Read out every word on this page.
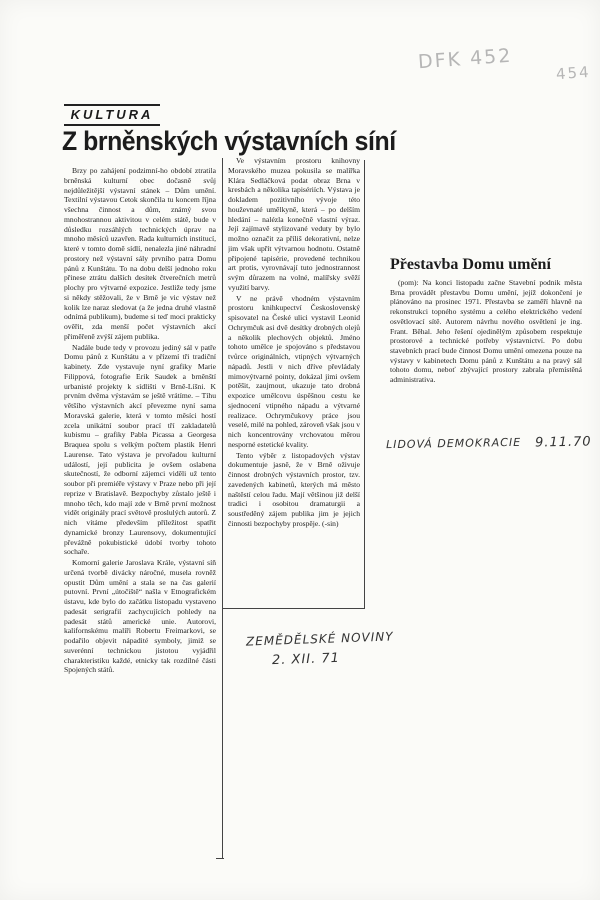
DFK 452	454
KULTURA
Z brněnských výstavních síní

Brzy po zahájení podzimní-ho období ztratila brněnská kulturní obec dočasně svůj nejdůležitější výstavní stánek – Dům umění. Textilní výstavou Cetok skončila tu koncem října všechna činnost a dům, známý svou mnohostrannou aktivitou v celém státě, bude v důsledku rozsáhlých technických úprav na mnoho měsíců uzavřen. Rada kulturních institucí, které v tomto domě sídlí, nenalezla jiné náhradní prostory než výstavní sály prvního patra Domu pánů z Kunštátu. To na dobu delší jednoho roku přinese ztrátu dalších desítek čtverečních metrů plochy pro výtvarné expozice. Jestliže tedy jsme si někdy stěžovali, že v Brně je vic výstav než kolik lze naraz sledovat (a že jedna druhé vlastně odnímá publikum), budeme si teď moci prakticky ověřit, zda menší počet výstavních akcí přiměřeně zvýší zájem publika.

Nadále bude tedy v provozu jediný sál v patře Domu pánů z Kunštátu a v přízemí tři tradiční kabinety. Zde vystavuje nyní grafiky Marie Filippová, fotografie Erik Saudek a brněnští urbanisté projekty k sídlišti v Brně-Líšni. K prvním dvěma výstavám se ještě vrátíme. – Tíhu většího výstavních akcí převezme nyní sama Moravská galerie, která v tomto měsíci hostí zcela unikátní soubor prací tří zakladatelů kubismu – grafiky Pabla Picassa a Georgesa Braquea spolu s velkým počtem plastik Henri Laurense. Tato výstava je prvořadou kulturní událostí, její publicita je ovšem oslabena skutečností, že odborní zájemci viděli už tento soubor při premiéře výstavy v Praze nebo při její reprize v Bratislavě. Bezpochyby zůstalo ještě i mnoho těch, kdo mají zde v Brně první možnost vidět originály prací světově proslulých autorů. Z nich vítáme především příležitost spatřit dynamické bronzy Laurensovy, dokumentující převážně pokubistické údobí tvorby tohoto sochaře.

Komorní galerie Jaroslava Krále, výstavní síň určená tvorbě divácky náročné, musela rovněž opustit Dům umění a stala se na čas galerií putovní. První „útočiště“ našla v Etnografickém ústavu, kde bylo do začátku listopadu vystaveno padesát serigrafií zachycujících pohledy na padesát států americké unie. Autorovi, kalifornskému malíři Robertu Freimarkovi, se podařilo objevit nápadité symboly, jimiž se suverénní technickou jistotou vyjádřil charakteristiku každé, etnicky tak rozdílné části Spojených států.

Ve výstavním prostoru knihovny Moravského muzea pokusila se malířka Klára Sedláčková podat obraz Brna v kresbách a několika tapisériích. Výstava je dokladem pozitivního vývoje této houževnaté umělkyně, která – po delším hledání – nalézla konečně vlastní výraz. Její zajímavě stylizované veduty by bylo možno označit za příliš dekorativní, nelze jim však upřít výtvarnou hodnotu. Ostatně připojené tapisérie, provedené technikou art protis, vyrovnávají tuto jednostrannost svým důrazem na volné, malířsky svěží využití barvy.

V ne právě vhodném výstavním prostoru knihkupectví Československý spisovatel na České ulici vystavil Leonid Ochrymčuk asi dvě desítky drobných olejů a několik plechových objektů. Jméno tohoto umělce je spojováno s představou tvůrce originálních, vtipných výtvarných nápadů. Jestli v nich dříve převládaly mimovýtvarné pointy, dokázal jimi ovšem potěšit, zaujmout, ukazuje tato drobná expozice umělcovu úspěšnou cestu ke sjednocení vtipného nápadu a výtvarné realizace. Ochrymčukovy práce jsou veselé, milé na pohled, zároveň však jsou v nich koncentrovány vrchovatou měrou nesporné estetické kvality.

Tento výběr z listopadových výstav dokumentuje jasně, že v Brně oživuje činnost drobných výstavních prostor, tzv. zavedených kabinetů, kterých má město naštěstí celou řadu. Mají většinou již delší tradici i osobitou dramaturgii a soustředěný zájem publika jim je jejich činnosti bezpochyby prospěje. (-sin)

ZEMĚDĚLSKÉ NOVINY
2. XII. 71
Přestavba Domu umění

(pom): Na konci listopadu začne Stavební podnik města Brna provádět přestavbu Domu umění, jejíž dokončení je plánováno na prosinec 1971. Přestavba se zaměří hlavně na rekonstrukci topného systému a celého elektrického vedení osvětlovací sítě. Autorem návrhu nového osvětlení je ing. Frant. Běhal. Jeho řešení ojedinělým způsobem respektuje prostorové a technické potřeby výstavnictví. Po dobu stavebních prací bude činnost Domu umění omezena pouze na výstavy v kabinetech Domu pánů z Kunštátu a na pravý sál tohoto domu, neboť zbývající prostory zabrala přemístěná administrativa.

LIDOVÁ DEMOKRACIE 9.11.70
